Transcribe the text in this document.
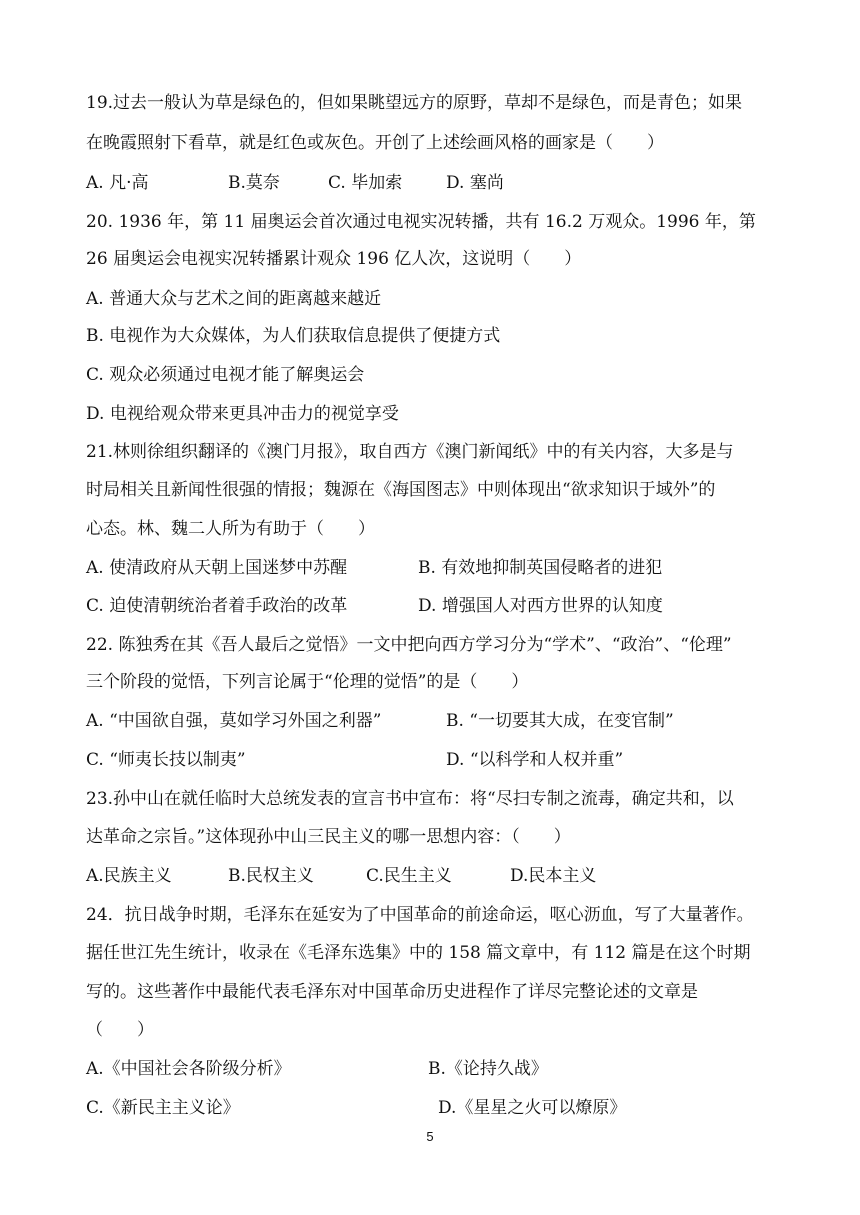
19.过去一般认为草是绿色的，但如果眺望远方的原野，草却不是绿色，而是青色；如果
在晚霞照射下看草，就是红色或灰色。开创了上述绘画风格的画家是（　　）
A. 凡·高	B.莫奈	C. 毕加索	D. 塞尚
20. 1936 年，第 11 届奥运会首次通过电视实况转播，共有 16.2 万观众。1996 年，第
26 届奥运会电视实况转播累计观众 196 亿人次，这说明（　　）
A. 普通大众与艺术之间的距离越来越近
B. 电视作为大众媒体，为人们获取信息提供了便捷方式
C. 观众必须通过电视才能了解奥运会
D. 电视给观众带来更具冲击力的视觉享受
21.林则徐组织翻译的《澳门月报》，取自西方《澳门新闻纸》中的有关内容，大多是与
时局相关且新闻性很强的情报；魏源在《海国图志》中则体现出“欲求知识于域外”的
心态。林、魏二人所为有助于（　　）
A. 使清政府从天朝上国迷梦中苏醒	B. 有效地抑制英国侵略者的进犯
C. 迫使清朝统治者着手政治的改革	D. 增强国人对西方世界的认知度
22. 陈独秀在其《吾人最后之觉悟》一文中把向西方学习分为“学术”、“政治”、“伦理”
三个阶段的觉悟，下列言论属于“伦理的觉悟”的是（　　）
A. “中国欲自强，莫如学习外国之利器”	B. “一切要其大成，在变官制”
C. “师夷长技以制夷”	D. “以科学和人权并重”
23.孙中山在就任临时大总统发表的宣言书中宣布：将“尽扫专制之流毒，确定共和，以
达革命之宗旨。”这体现孙中山三民主义的哪一思想内容：（　　）
A.民族主义	B.民权主义	C.民生主义	D.民本主义
24．抗日战争时期，毛泽东在延安为了中国革命的前途命运，呕心沥血，写了大量著作。
据任世江先生统计，收录在《毛泽东选集》中的 158 篇文章中，有 112 篇是在这个时期
写的。这些著作中最能代表毛泽东对中国革命历史进程作了详尽完整论述的文章是
（　　）
A.《中国社会各阶级分析》	B.《论持久战》
C.《新民主主义论》	D.《星星之火可以燎原》
5
